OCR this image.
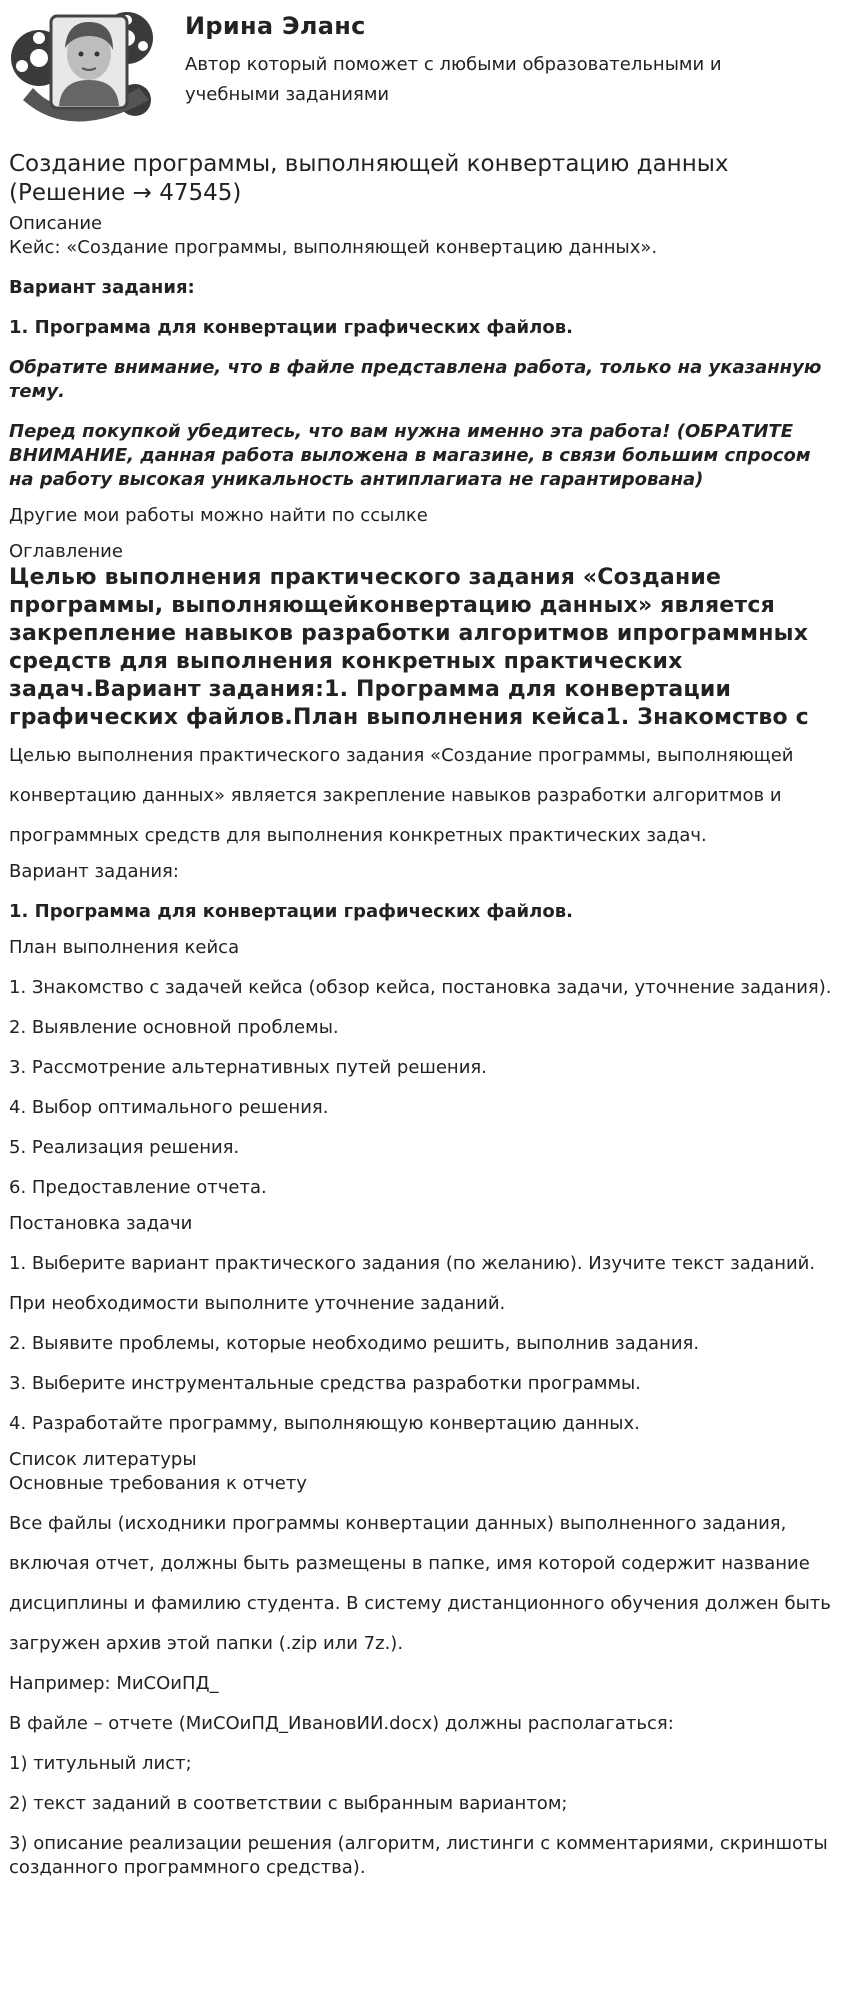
Ирина Эланс
Автор который поможет с любыми образовательными и учебными заданиями
Создание программы, выполняющей конвертацию данных (Решение → 47545)
Описание
Кейс: «Создание программы, выполняющей конвертацию данных».
Вариант задания:
1. Программа для конвертации графических файлов.
Обратите внимание, что в файле представлена работа, только на указанную тему.
Перед покупкой убедитесь, что вам нужна именно эта работа! (ОБРАТИТЕ ВНИМАНИЕ, данная работа выложена в магазине, в связи большим спросом на работу высокая уникальность антиплагиата не гарантирована)
Другие мои работы можно найти по ссылке
Оглавление
Целью выполнения практического задания «Создание программы, выполняющейконвертацию данных» является закрепление навыков разработки алгоритмов ипрограммных средств для выполнения конкретных практических задач.Вариант задания:1. Программа для конвертации графических файлов.План выполнения кейса1. Знакомство с
Целью выполнения практического задания «Создание программы, выполняющей
конвертацию данных» является закрепление навыков разработки алгоритмов и
программных средств для выполнения конкретных практических задач.
Вариант задания:
1. Программа для конвертации графических файлов.
План выполнения кейса
1. Знакомство с задачей кейса (обзор кейса, постановка задачи, уточнение задания).
2. Выявление основной проблемы.
3. Рассмотрение альтернативных путей решения.
4. Выбор оптимального решения.
5. Реализация решения.
6. Предоставление отчета.
Постановка задачи
1. Выберите вариант практического задания (по желанию). Изучите текст заданий.
При необходимости выполните уточнение заданий.
2. Выявите проблемы, которые необходимо решить, выполнив задания.
3. Выберите инструментальные средства разработки программы.
4. Разработайте программу, выполняющую конвертацию данных.
Список литературы
Основные требования к отчету
Все файлы (исходники программы конвертации данных) выполненного задания,
включая отчет, должны быть размещены в папке, имя которой содержит название
дисциплины и фамилию студента. В систему дистанционного обучения должен быть
загружен архив этой папки (.zip или 7z.).
Например: МиСОиПД_
В файле – отчете (МиСОиПД_ИвановИИ.docx) должны располагаться:
1) титульный лист;
2) текст заданий в соответствии с выбранным вариантом;
3) описание реализации решения (алгоритм, листинги с комментариями, скриншоты созданного программного средства).
